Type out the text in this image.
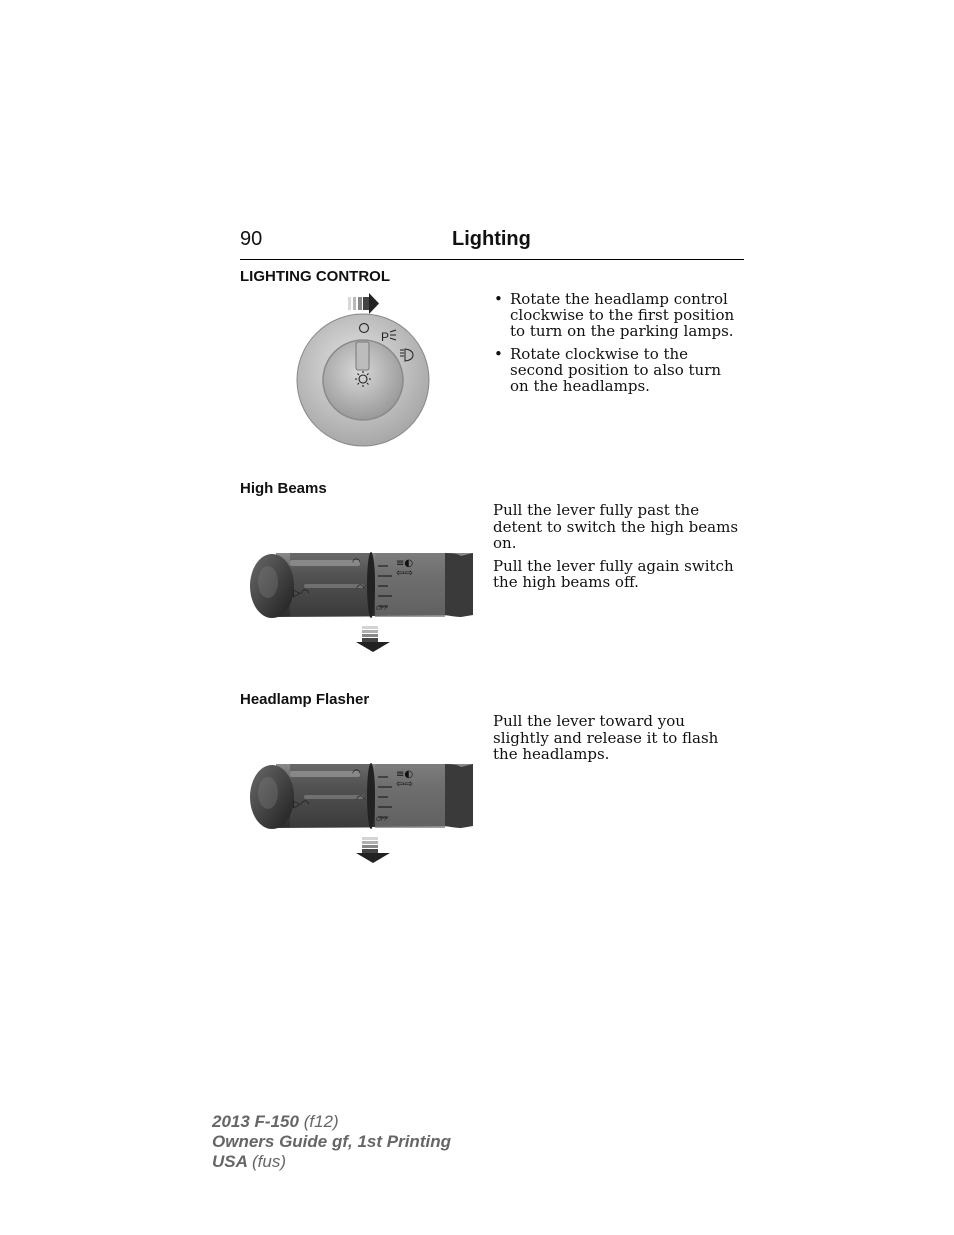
90	Lighting
LIGHTING CONTROL
P
• Rotate the headlamp control clockwise to the first position to turn on the parking lamps.
• Rotate clockwise to the second position to also turn on the headlamps.
High Beams

Pull the lever fully past the detent to switch the high beams on.

Pull the lever fully again switch the high beams off.

OFF
≡◐
⇦⇨
◠
◠
▷◠
Headlamp Flasher

Pull the lever toward you slightly and release it to flash the headlamps.

OFF
≡◐
⇦⇨
◠
◠
▷◠
2013 F-150 (f12)
Owners Guide gf, 1st Printing
USA (fus)
